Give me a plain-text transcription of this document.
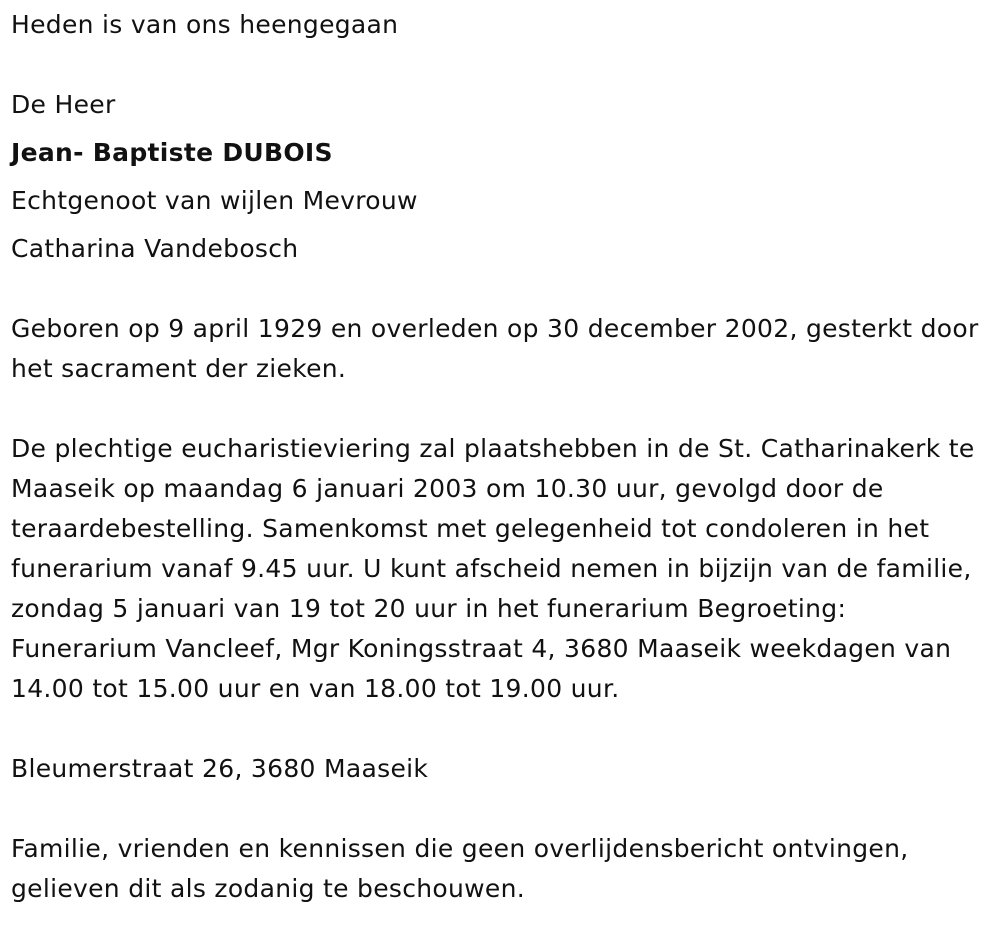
Heden is van ons heengegaan
De Heer
Jean- Baptiste DUBOIS
Echtgenoot van wijlen Mevrouw
Catharina Vandebosch
Geboren op 9 april 1929 en overleden op 30 december 2002, gesterkt door het sacrament der zieken.
De plechtige eucharistieviering zal plaatshebben in de St. Catharinakerk te Maaseik op maandag 6 januari 2003 om 10.30 uur, gevolgd door de teraardebestelling. Samenkomst met gelegenheid tot condoleren in het funerarium vanaf 9.45 uur. U kunt afscheid nemen in bijzijn van de familie, zondag 5 januari van 19 tot 20 uur in het funerarium Begroeting: Funerarium Vancleef, Mgr Koningsstraat 4, 3680 Maaseik weekdagen van 14.00 tot 15.00 uur en van 18.00 tot 19.00 uur.
Bleumerstraat 26, 3680 Maaseik
Familie, vrienden en kennissen die geen overlijdensbericht ontvingen, gelieven dit als zodanig te beschouwen.
